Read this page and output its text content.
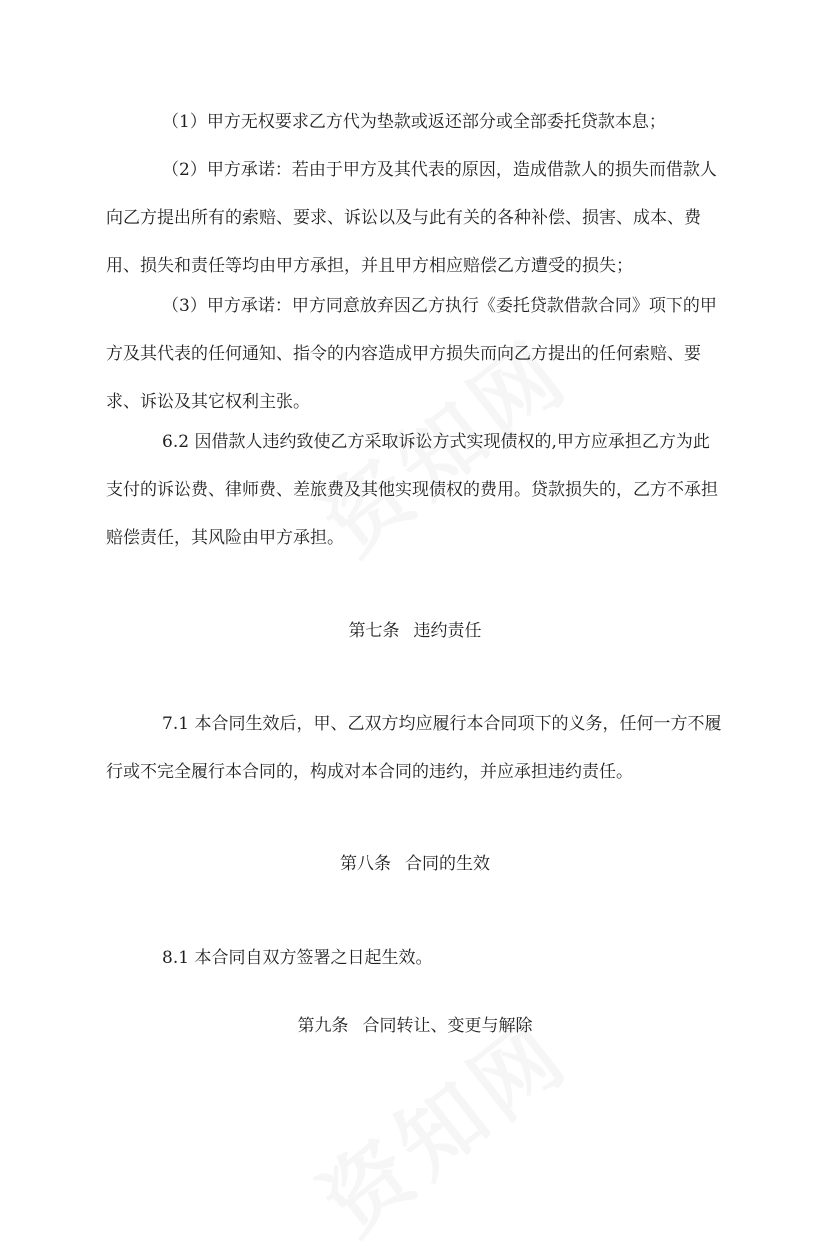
（1）甲方无权要求乙方代为垫款或返还部分或全部委托贷款本息；

（2）甲方承诺：若由于甲方及其代表的原因，造成借款人的损失而借款人向乙方提出所有的索赔、要求、诉讼以及与此有关的各种补偿、损害、成本、费用、损失和责任等均由甲方承担，并且甲方相应赔偿乙方遭受的损失；

（3）甲方承诺：甲方同意放弃因乙方执行《委托贷款借款合同》项下的甲方及其代表的任何通知、指令的内容造成甲方损失而向乙方提出的任何索赔、要求、诉讼及其它权利主张。

6.2 因借款人违约致使乙方采取诉讼方式实现债权的,甲方应承担乙方为此支付的诉讼费、律师费、差旅费及其他实现债权的费用。贷款损失的，乙方不承担赔偿责任，其风险由甲方承担。

第七条 违约责任

7.1 本合同生效后，甲、乙双方均应履行本合同项下的义务，任何一方不履行或不完全履行本合同的，构成对本合同的违约，并应承担违约责任。

第八条 合同的生效

8.1 本合同自双方签署之日起生效。

第九条 合同转让、变更与解除
